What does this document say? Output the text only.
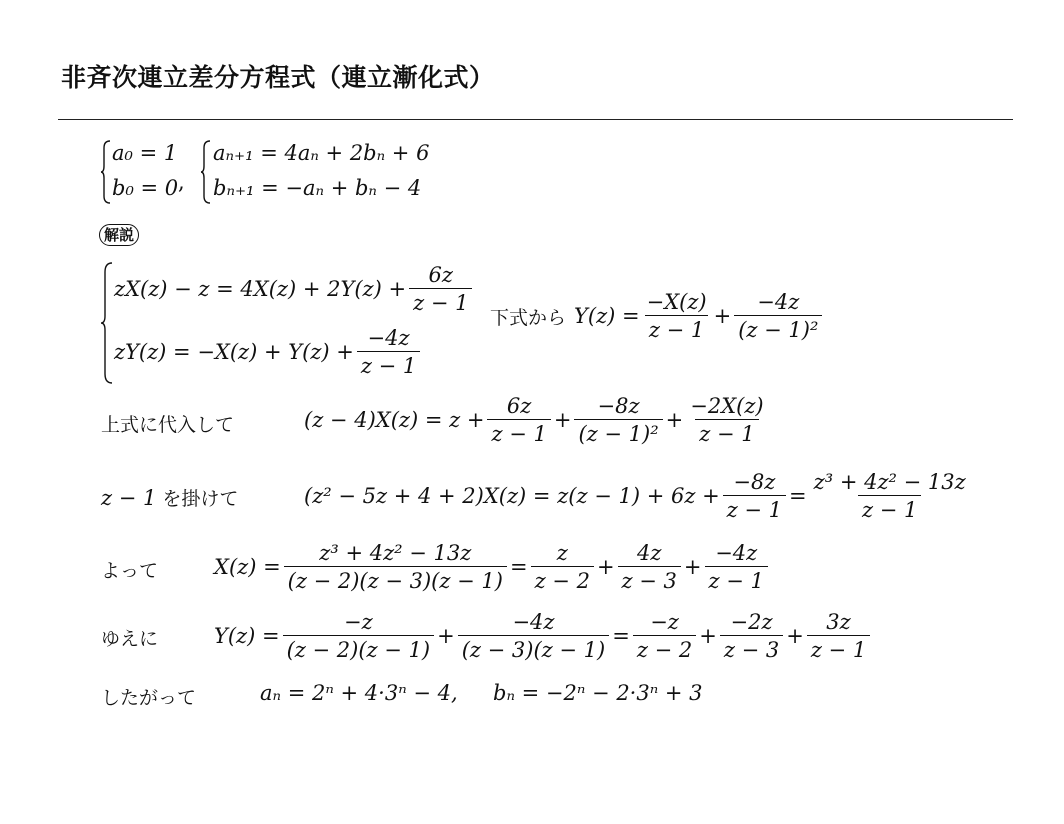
非斉次連立差分方程式（連立漸化式）
a₀ = 1
b₀ = 0 ,
aₙ₊₁ = 4aₙ + 2bₙ + 6
bₙ₊₁ = −aₙ + bₙ − 4
解説
$zX(z) - z = 4X(z) + 2Y(z) + \frac{6z}{z - 1}$
$zY(z) = -X(z) + Y(z) + \frac{-4z}{z - 1}$
下式から $Y(z) = \frac{-X(z)}{z - 1} + \frac{-4z}{\text{(z − 1)²}}$
上式に代入して	$(z - 4)X(z) = z + \frac{6z}{z - 1} + \frac{-8z}{\text{(z − 1)²}} + \frac{-2X(z)}{z - 1}$
z − 1 を掛けて	$(z^2 - 5z + 4 + 2)X(z) = z(z - 1) + 6z + \frac{-8z}{z - 1} = \frac{\text{z³ + 4z² − 13z}}{z - 1}$
よって	$X(z) = \frac{\text{z³ + 4z² − 13z}}{(z - 2)(z - 3)(z - 1)} = \frac{z}{z - 2} + \frac{4z}{z - 3} + \frac{-4z}{z - 1}$
ゆえに	$Y(z) = \frac{-z}{(z - 2)(z - 1)} + \frac{-4z}{(z - 3)(z - 1)} = \frac{-z}{z - 2} + \frac{-2z}{z - 3} + \frac{3z}{z - 1}$
したがって	aₙ = 2ⁿ + 4·3ⁿ − 4, bₙ = −2ⁿ − 2·3ⁿ + 3
